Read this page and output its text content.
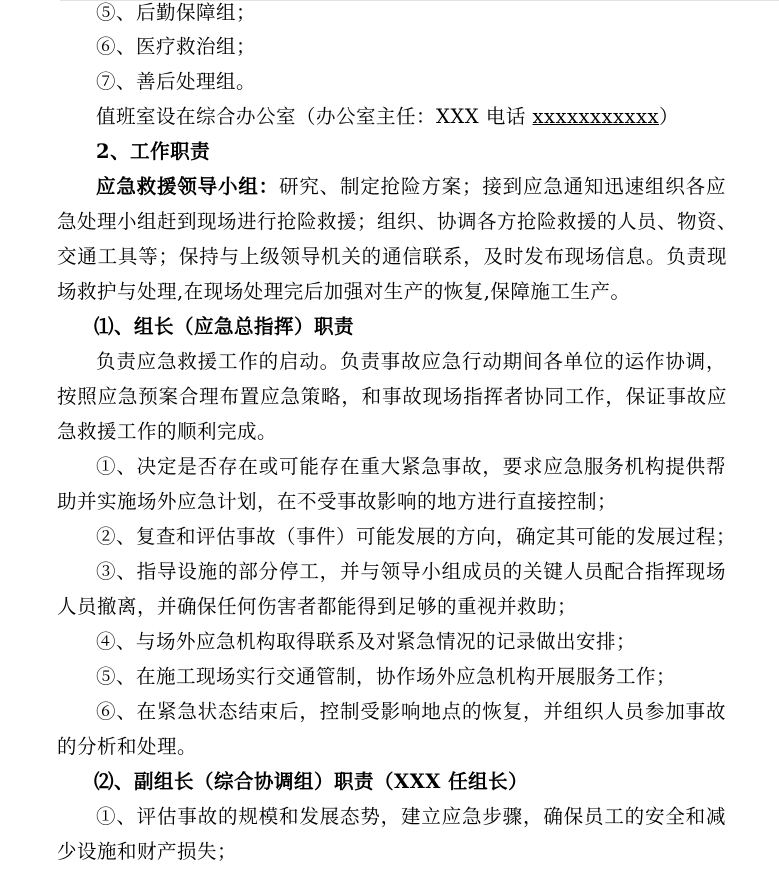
⑤、后勤保障组；
⑥、医疗救治组；
⑦、善后处理组。
值班室设在综合办公室（办公室主任：XXX 电话 xxxxxxxxxxx）
2、工作职责
应急救援领导小组：研究、制定抢险方案；接到应急通知迅速组织各应
急处理小组赶到现场进行抢险救援；组织、协调各方抢险救援的人员、物资、
交通工具等；保持与上级领导机关的通信联系，及时发布现场信息。负责现
场救护与处理,在现场处理完后加强对生产的恢复,保障施工生产。
⑴、组长（应急总指挥）职责
负责应急救援工作的启动。负责事故应急行动期间各单位的运作协调，
按照应急预案合理布置应急策略，和事故现场指挥者协同工作，保证事故应
急救援工作的顺利完成。
①、决定是否存在或可能存在重大紧急事故，要求应急服务机构提供帮
助并实施场外应急计划，在不受事故影响的地方进行直接控制；
②、复查和评估事故（事件）可能发展的方向，确定其可能的发展过程；
③、指导设施的部分停工，并与领导小组成员的关键人员配合指挥现场
人员撤离，并确保任何伤害者都能得到足够的重视并救助；
④、与场外应急机构取得联系及对紧急情况的记录做出安排；
⑤、在施工现场实行交通管制，协作场外应急机构开展服务工作；
⑥、在紧急状态结束后，控制受影响地点的恢复，并组织人员参加事故
的分析和处理。
⑵、副组长（综合协调组）职责（XXX 任组长）
①、评估事故的规模和发展态势，建立应急步骤，确保员工的安全和减
少设施和财产损失；
